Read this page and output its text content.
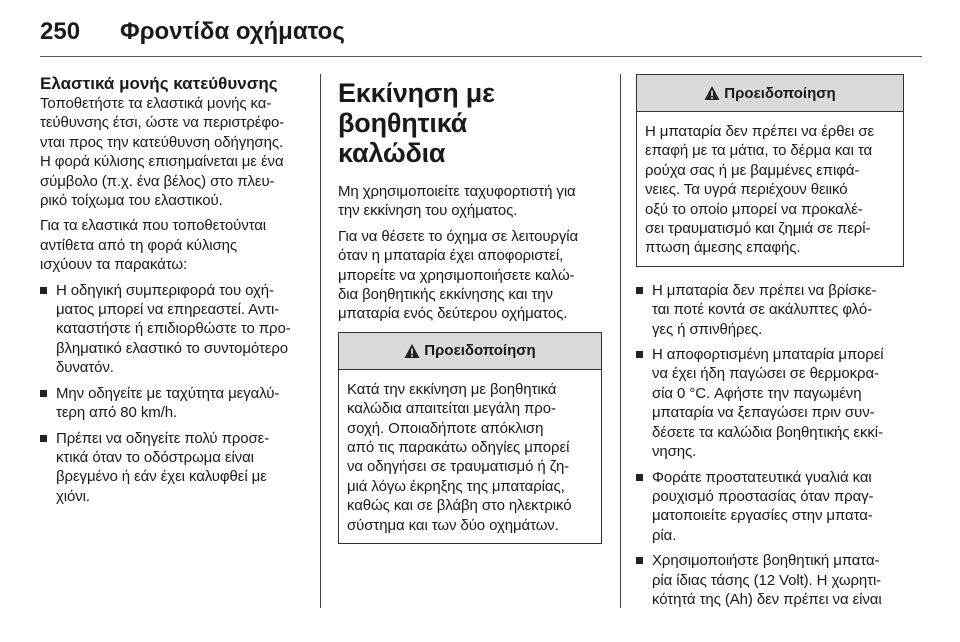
250 Φροντίδα οχήματος
Ελαστικά μονής κατεύθυνσης

Τοποθετήστε τα ελαστικά μονής κα-
τεύθυνσης έτσι, ώστε να περιστρέφο-
νται προς την κατεύθυνση οδήγησης.
Η φορά κύλισης επισημαίνεται με ένα
σύμβολο (π.χ. ένα βέλος) στο πλευ-
ρικό τοίχωμα του ελαστικού.

Για τα ελαστικά που τοποθετούνται
αντίθετα από τη φορά κύλισης
ισχύουν τα παρακάτω:

Η οδηγική συμπεριφορά του οχή-
ματος μπορεί να επηρεαστεί. Αντι-
καταστήστε ή επιδιορθώστε το προ-
βληματικό ελαστικό το συντομότερο
δυνατόν.
Μην οδηγείτε με ταχύτητα μεγαλύ-
τερη από 80 km/h.
Πρέπει να οδηγείτε πολύ προσε-
κτικά όταν το οδόστρωμα είναι
βρεγμένο ή εάν έχει καλυφθεί με
χιόνι.
Εκκίνηση με βοηθητικά
καλώδια

Μη χρησιμοποιείτε ταχυφορτιστή για
την εκκίνηση του οχήματος.

Για να θέσετε το όχημα σε λειτουργία
όταν η μπαταρία έχει αποφοριστεί,
μπορείτε να χρησιμοποιήσετε καλώ-
δια βοηθητικής εκκίνησης και την
μπαταρία ενός δεύτερου οχήματος.

Προειδοποίηση
Κατά την εκκίνηση με βοηθητικά
καλώδια απαιτείται μεγάλη προ-
σοχή. Οποιαδήποτε απόκλιση
από τις παρακάτω οδηγίες μπορεί
να οδηγήσει σε τραυματισμό ή ζη-
μιά λόγω έκρηξης της μπαταρίας,
καθώς και σε βλάβη στο ηλεκτρικό
σύστημα και των δύο οχημάτων.
Προειδοποίηση
Η μπαταρία δεν πρέπει να έρθει σε
επαφή με τα μάτια, το δέρμα και τα
ρούχα σας ή με βαμμένες επιφά-
νειες. Τα υγρά περιέχουν θειικό
οξύ το οποίο μπορεί να προκαλέ-
σει τραυματισμό και ζημιά σε περί-
πτωση άμεσης επαφής.
Η μπαταρία δεν πρέπει να βρίσκε-
ται ποτέ κοντά σε ακάλυπτες φλό-
γες ή σπινθήρες.
Η αποφορτισμένη μπαταρία μπορεί
να έχει ήδη παγώσει σε θερμοκρα-
σία 0 °C. Αφήστε την παγωμένη
μπαταρία να ξεπαγώσει πριν συν-
δέσετε τα καλώδια βοηθητικής εκκί-
νησης.
Φοράτε προστατευτικά γυαλιά και
ρουχισμό προστασίας όταν πραγ-
ματοποιείτε εργασίες στην μπατα-
ρία.
Χρησιμοποιήστε βοηθητική μπατα-
ρία ίδιας τάσης (12 Volt). Η χωρητι-
κότητά της (Ah) δεν πρέπει να είναι
